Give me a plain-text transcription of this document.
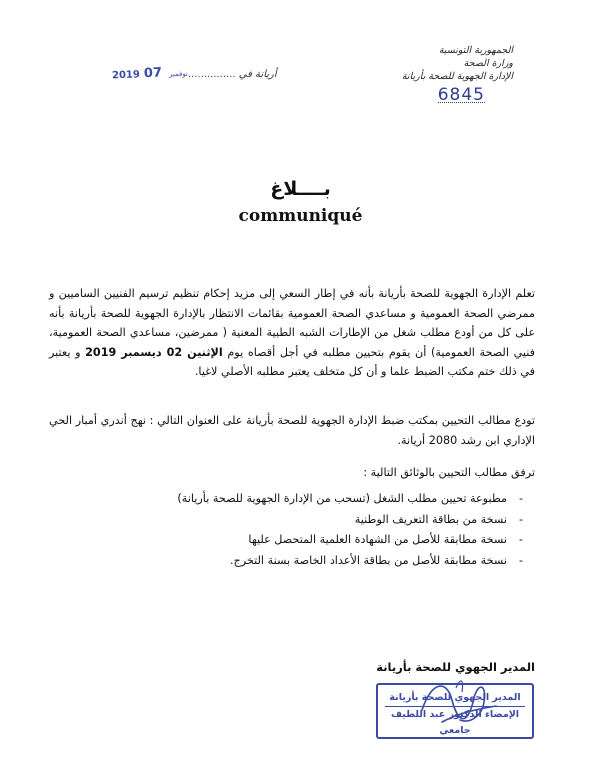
الجمهورية التونسية
وزارة الصحة
الإدارة الجهوية للصحة بأريانة
6845
2019	نوفمبر07	............... أريانة في
بــــلاغ
communiqué
تعلم الإدارة الجهوية للصحة بأريانة بأنه في إطار السعي إلى مزيد إحكام تنظيم ترسيم الفنيين الساميين و ممرضي الصحة العمومية و مساعدي الصحة العمومية بقائمات الانتظار بالإدارة الجهوية للصحة بأريانة بأنه على كل من أودع مطلب شغل من الإطارات الشبه الطبية المعنية ( ممرضين، مساعدي الصحة العمومية، فنيي الصحة العمومية) أن يقوم بتحيين مطلبه في أجل أقصاه يوم الإثنين 02 ديسمبر 2019 و يعتبر في ذلك ختم مكتب الضبط علما و أن كل متخلف يعتبر مطلبه الأصلي لاغيا.
تودع مطالب التحيين بمكتب ضبط الإدارة الجهوية للصحة بأريانة على العنوان التالي : نهج أندري أمبار الحي الإداري ابن رشد 2080 أريانة.
ترفق مطالب التحيين بالوثائق التالية :
- مطبوعة تحيين مطلب الشغل (تسحب من الإدارة الجهوية للصحة بأريانة)
- نسخة من بطاقة التعريف الوطنية
- نسخة مطابقة للأصل من الشهادة العلمية المتحصل عليها
- نسخة مطابقة للأصل من بطاقة الأعداد الخاصة بسنة التخرج.
المدير الجهوي للصحة بأريانة
المدير الجهوي للصحة بأريانة
الإمضاء الدكتور عبد اللطيف جامعي
